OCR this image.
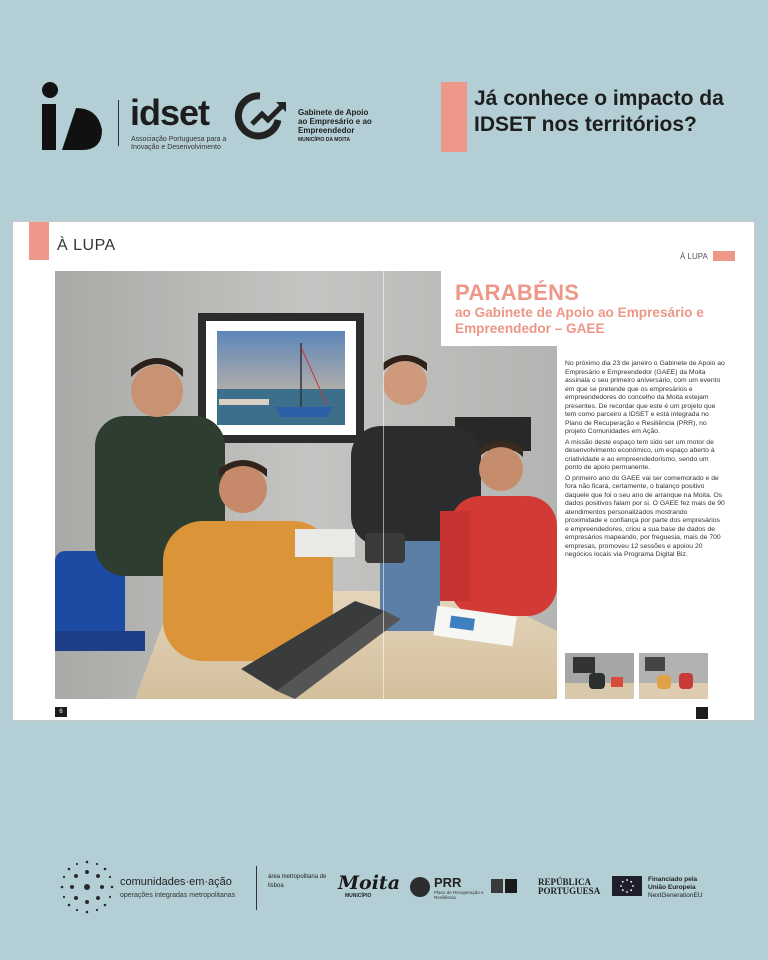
idset
Associação Portuguesa para a Inovação e Desenvolvimento
Gabinete de Apoio ao Empresário e ao Empreendedor
MUNICÍPIO DA MOITA
Já conhece o impacto da IDSET nos territórios?
À LUPA
À LUPA
PARABÉNS
ao Gabinete de Apoio ao Empresário e Empreendedor – GAEE

No próximo dia 23 de janeiro o Gabinete de Apoio ao Empresário e Empreendedor (GAEE) da Moita assinala o seu primeiro aniversário, com um evento em que se pretende que os empresários e empreendedores do concelho da Moita estejam presentes. De recordar que este é um projeto que tem como parceiro a IDSET e está integrada no Plano de Recuperação e Resiliência (PRR), no projeto Comunidades em Ação.

A missão deste espaço tem sido ser um motor de desenvolvimento económico, um espaço aberto à criatividade e ao empreendedorismo, sendo um ponto de apoio permanente.

O primeiro ano do GAEE vai ser comemorado e de fora não ficará, certamente, o balanço positivo daquele que foi o seu ano de arranque na Moita. Os dados positivos falam por si. O GAEE fez mais de 90 atendimentos personalizados mostrando proximidade e confiança por parte dos empresários e empreendedores, criou a sua base de dados de empresários mapeando, por freguesia, mais de 700 empresas, promoveu 12 sessões e apoiou 20 negócios locais via Programa Digital Biz.

6
comunidades·em·ação
operações integradas metropolitanas
área metropolitana de lisboa	Moita
MUNICÍPIO
PRR
Plano de Recuperação e Resiliência
REPÚBLICA PORTUGUESA
Financiado pela
União Europeia
NextGenerationEU
